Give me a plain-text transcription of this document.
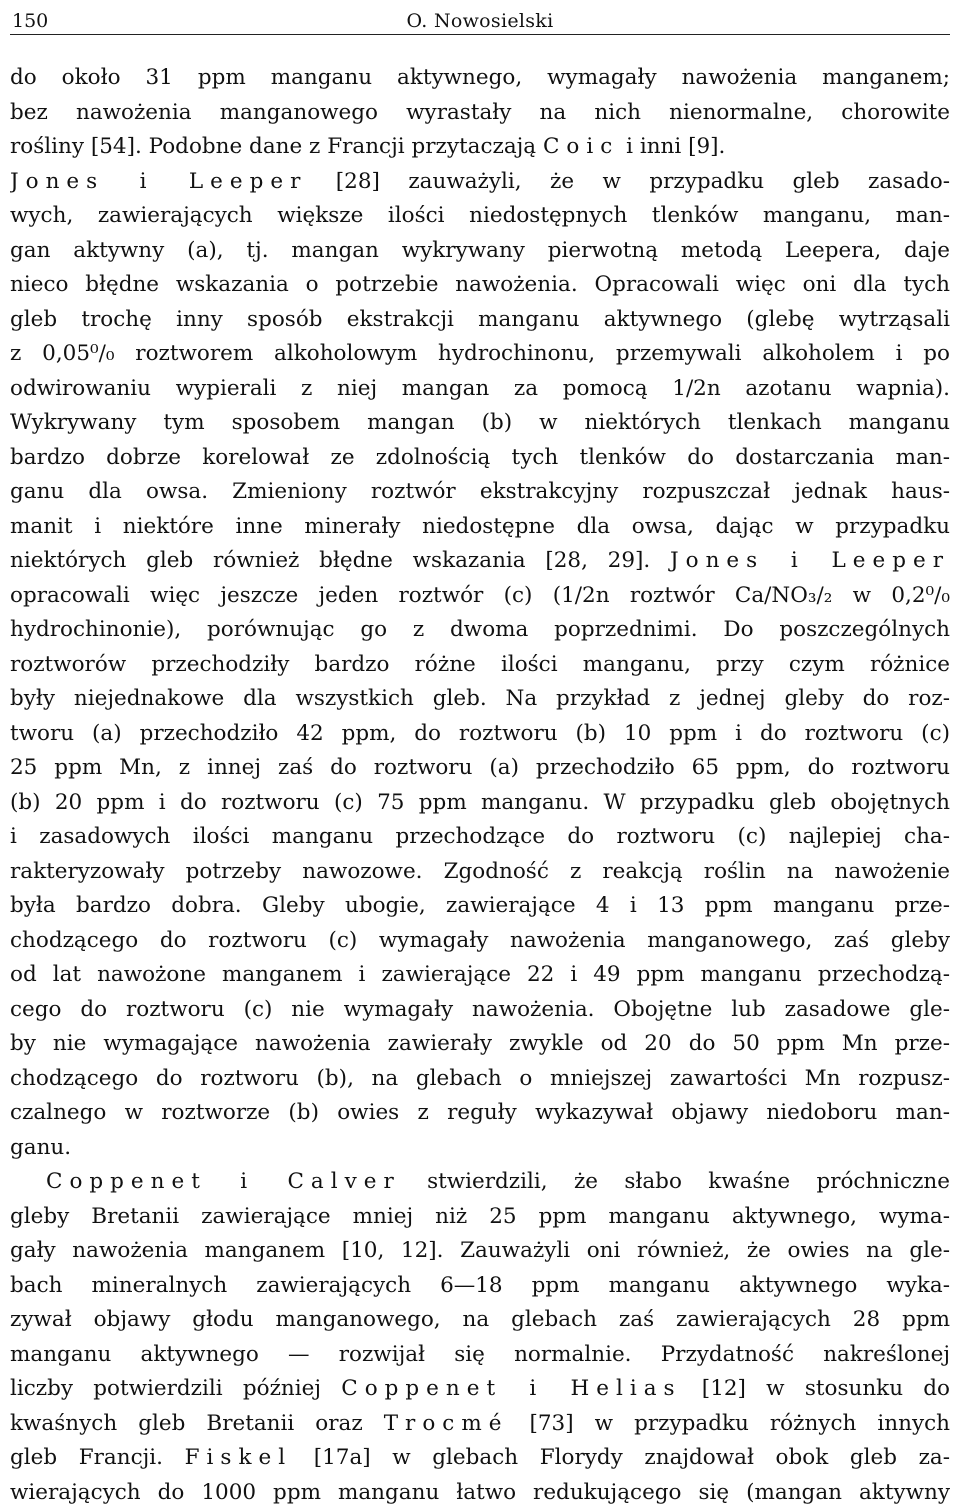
150	O. Nowosielski
do około 31 ppm manganu aktywnego, wymagały nawożenia manganem;
bez nawożenia manganowego wyrastały na nich nienormalne, chorowite
rośliny [54]. Podobne dane z Francji przytaczają Coic i inni [9].
Jones i Leeper [28] zauważyli, że w przypadku gleb zasado-
wych, zawierających większe ilości niedostępnych tlenków manganu, man-
gan aktywny (a), tj. mangan wykrywany pierwotną metodą Leepera, daje
nieco błędne wskazania o potrzebie nawożenia. Opracowali więc oni dla tych
gleb trochę inny sposób ekstrakcji manganu aktywnego (glebę wytrząsali
z 0,05⁰/₀ roztworem alkoholowym hydrochinonu, przemywali alkoholem i po
odwirowaniu wypierali z niej mangan za pomocą 1/2n azotanu wapnia).
Wykrywany tym sposobem mangan (b) w niektórych tlenkach manganu
bardzo dobrze korelował ze zdolnością tych tlenków do dostarczania man-
ganu dla owsa. Zmieniony roztwór ekstrakcyjny rozpuszczał jednak haus-
manit i niektóre inne minerały niedostępne dla owsa, dając w przypadku
niektórych gleb również błędne wskazania [28, 29]. Jones i Leeper
opracowali więc jeszcze jeden roztwór (c) (1/2n roztwór Ca/NO₃/₂ w 0,2⁰/₀
hydrochinonie), porównując go z dwoma poprzednimi. Do poszczególnych
roztworów przechodziły bardzo różne ilości manganu, przy czym różnice
były niejednakowe dla wszystkich gleb. Na przykład z jednej gleby do roz-
tworu (a) przechodziło 42 ppm, do roztworu (b) 10 ppm i do roztworu (c)
25 ppm Mn, z innej zaś do roztworu (a) przechodziło 65 ppm, do roztworu
(b) 20 ppm i do roztworu (c) 75 ppm manganu. W przypadku gleb obojętnych
i zasadowych ilości manganu przechodzące do roztworu (c) najlepiej cha-
rakteryzowały potrzeby nawozowe. Zgodność z reakcją roślin na nawożenie
była bardzo dobra. Gleby ubogie, zawierające 4 i 13 ppm manganu prze-
chodzącego do roztworu (c) wymagały nawożenia manganowego, zaś gleby
od lat nawożone manganem i zawierające 22 i 49 ppm manganu przechodzą-
cego do roztworu (c) nie wymagały nawożenia. Obojętne lub zasadowe gle-
by nie wymagające nawożenia zawierały zwykle od 20 do 50 ppm Mn prze-
chodzącego do roztworu (b), na glebach o mniejszej zawartości Mn rozpusz-
czalnego w roztworze (b) owies z reguły wykazywał objawy niedoboru man-
ganu.
Coppenet i Calver stwierdzili, że słabo kwaśne próchniczne
gleby Bretanii zawierające mniej niż 25 ppm manganu aktywnego, wyma-
gały nawożenia manganem [10, 12]. Zauważyli oni również, że owies na gle-
bach mineralnych zawierających 6—18 ppm manganu aktywnego wyka-
zywał objawy głodu manganowego, na glebach zaś zawierających 28 ppm
manganu aktywnego — rozwijał się normalnie. Przydatność nakreślonej
liczby potwierdzili później Coppenet i Helias [12] w stosunku do
kwaśnych gleb Bretanii oraz Trocmé [73] w przypadku różnych innych
gleb Francji. Fiskel [17a] w glebach Florydy znajdował obok gleb za-
wierających do 1000 ppm manganu łatwo redukującego się (mangan aktywny
